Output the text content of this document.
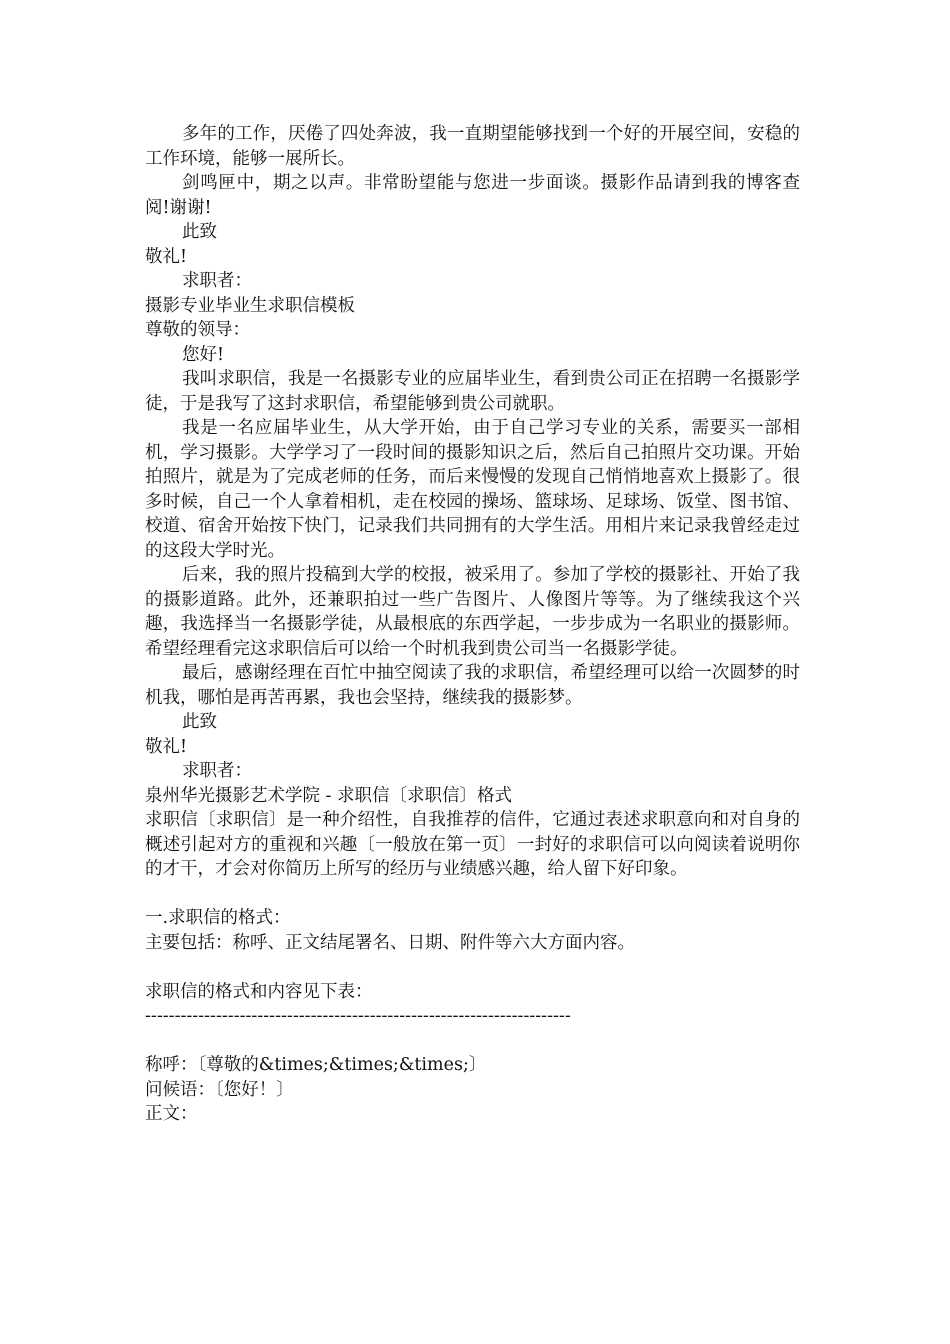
多年的工作，厌倦了四处奔波，我一直期望能够找到一个好的开展空间，安稳的工作环境，能够一展所长。

剑鸣匣中，期之以声。非常盼望能与您进一步面谈。摄影作品请到我的博客查阅!谢谢!

此致

敬礼!

求职者：

摄影专业毕业生求职信模板

尊敬的领导：

您好!

我叫求职信，我是一名摄影专业的应届毕业生，看到贵公司正在招聘一名摄影学徒，于是我写了这封求职信，希望能够到贵公司就职。

我是一名应届毕业生，从大学开始，由于自己学习专业的关系，需要买一部相机，学习摄影。大学学习了一段时间的摄影知识之后，然后自己拍照片交功课。开始拍照片，就是为了完成老师的任务，而后来慢慢的发现自己悄悄地喜欢上摄影了。很多时候，自己一个人拿着相机，走在校园的操场、篮球场、足球场、饭堂、图书馆、校道、宿舍开始按下快门，记录我们共同拥有的大学生活。用相片来记录我曾经走过的这段大学时光。

后来，我的照片投稿到大学的校报，被采用了。参加了学校的摄影社、开始了我的摄影道路。此外，还兼职拍过一些广告图片、人像图片等等。为了继续我这个兴趣，我选择当一名摄影学徒，从最根底的东西学起，一步步成为一名职业的摄影师。希望经理看完这求职信后可以给一个时机我到贵公司当一名摄影学徒。

最后，感谢经理在百忙中抽空阅读了我的求职信，希望经理可以给一次圆梦的时机我，哪怕是再苦再累，我也会坚持，继续我的摄影梦。

此致

敬礼!

求职者：

泉州华光摄影艺术学院 - 求职信〔求职信〕格式

求职信〔求职信〕是一种介绍性，自我推荐的信件，它通过表述求职意向和对自身的概述引起对方的重视和兴趣〔一般放在第一页〕一封好的求职信可以向阅读着说明你的才干，才会对你简历上所写的经历与业绩感兴趣，给人留下好印象。

一.求职信的格式：

主要包括：称呼、正文结尾署名、日期、附件等六大方面内容。

求职信的格式和内容见下表：

------------------------------------------------------------------------

称呼：〔尊敬的&times;&times;&times;〕

问候语：〔您好！〕

正文：
